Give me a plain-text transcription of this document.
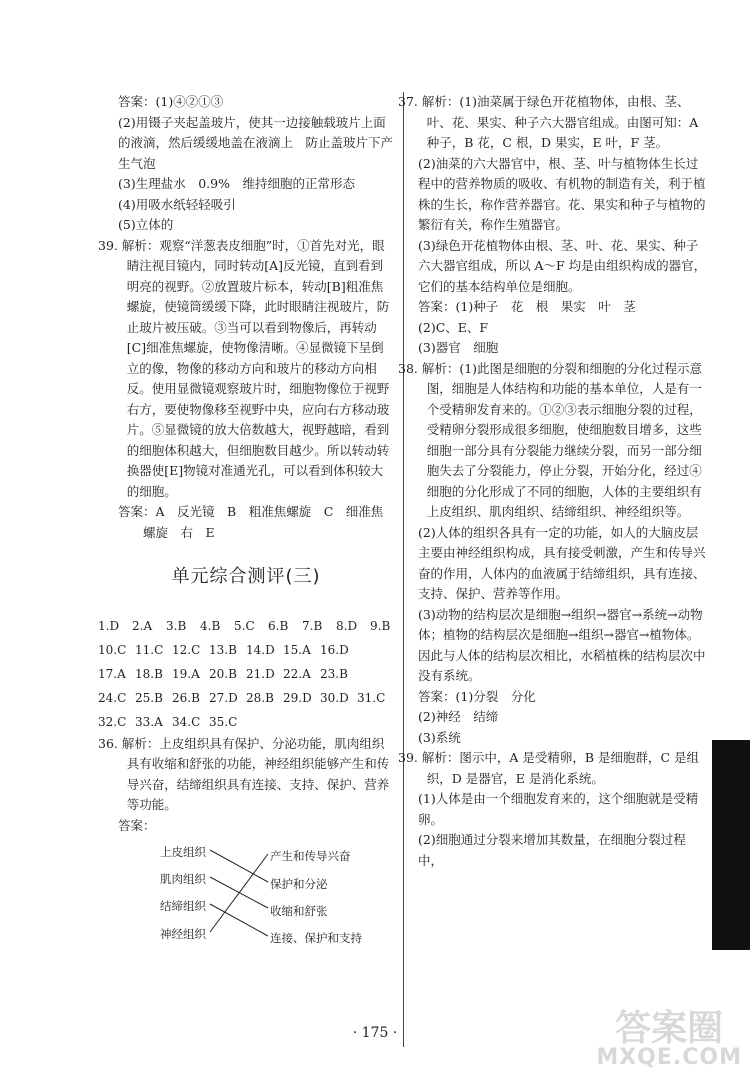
答案：(1)④②①③

(2)用镊子夹起盖玻片，使其一边接触载玻片上面的液滴，然后缓缓地盖在液滴上　防止盖玻片下产生气泡

(3)生理盐水　0.9%　维持细胞的正常形态

(4)用吸水纸轻轻吸引

(5)立体的

39. 解析：观察“洋葱表皮细胞”时，①首先对光，眼睛注视目镜内，同时转动[A]反光镜，直到看到明亮的视野。②放置玻片标本，转动[B]粗准焦螺旋，使镜筒缓缓下降，此时眼睛注视玻片，防止玻片被压破。③当可以看到物像后，再转动[C]细准焦螺旋，使物像清晰。④显微镜下呈倒立的像，物像的移动方向和玻片的移动方向相反。使用显微镜观察玻片时，细胞物像位于视野右方，要使物像移至视野中央，应向右方移动玻片。⑤显微镜的放大倍数越大，视野越暗，看到的细胞体积越大，但细胞数目越少。所以转动转换器使[E]物镜对准通光孔，可以看到体积较大的细胞。

答案：A　反光镜　B　粗准焦螺旋　C　细准焦螺旋　右　E

单元综合测评(三)
1.D 2.A 3.B 4.B 5.C 6.B 7.B 8.D 9.B
10.C 11.C 12.C 13.B 14.D 15.A 16.D
17.A 18.B 19.A 20.B 21.D 22.A 23.B
24.C 25.B 26.B 27.D 28.B 29.D 30.D 31.C
32.C 33.A 34.C 35.C

36. 解析：上皮组织具有保护、分泌功能，肌肉组织具有收缩和舒张的功能，神经组织能够产生和传导兴奋，结缔组织具有连接、支持、保护、营养等功能。

答案：

上皮组织
肌肉组织
结缔组织
神经组织
产生和传导兴奋
保护和分泌
收缩和舒张
连接、保护和支持

37. 解析：(1)油菜属于绿色开花植物体，由根、茎、叶、花、果实、种子六大器官组成。由图可知：A 种子，B 花，C 根，D 果实，E 叶，F 茎。

(2)油菜的六大器官中，根、茎、叶与植物体生长过程中的营养物质的吸收、有机物的制造有关，利于植株的生长，称作营养器官。花、果实和种子与植物的繁衍有关，称作生殖器官。

(3)绿色开花植物体由根、茎、叶、花、果实、种子六大器官组成，所以 A～F 均是由组织构成的器官，它们的基本结构单位是细胞。

答案：(1)种子　花　根　果实　叶　茎

(2)C、E、F

(3)器官　细胞

38. 解析：(1)此图是细胞的分裂和细胞的分化过程示意图，细胞是人体结构和功能的基本单位，人是有一个受精卵发育来的。①②③表示细胞分裂的过程，受精卵分裂形成很多细胞，使细胞数目增多，这些细胞一部分具有分裂能力继续分裂，而另一部分细胞失去了分裂能力，停止分裂，开始分化，经过④细胞的分化形成了不同的细胞，人体的主要组织有上皮组织、肌肉组织、结缔组织、神经组织等。

(2)人体的组织各具有一定的功能，如人的大脑皮层主要由神经组织构成，具有接受刺激，产生和传导兴奋的作用，人体内的血液属于结缔组织，具有连接、支持、保护、营养等作用。

(3)动物的结构层次是细胞→组织→器官→系统→动物体；植物的结构层次是细胞→组织→器官→植物体。因此与人体的结构层次相比，水稻植株的结构层次中没有系统。

答案：(1)分裂　分化

(2)神经　结缔

(3)系统

39. 解析：图示中，A 是受精卵，B 是细胞群，C 是组织，D 是器官，E 是消化系统。

(1)人体是由一个细胞发育来的，这个细胞就是受精卵。

(2)细胞通过分裂来增加其数量，在细胞分裂过程中，

· 175 ·	答案圈
MXQE.COM
